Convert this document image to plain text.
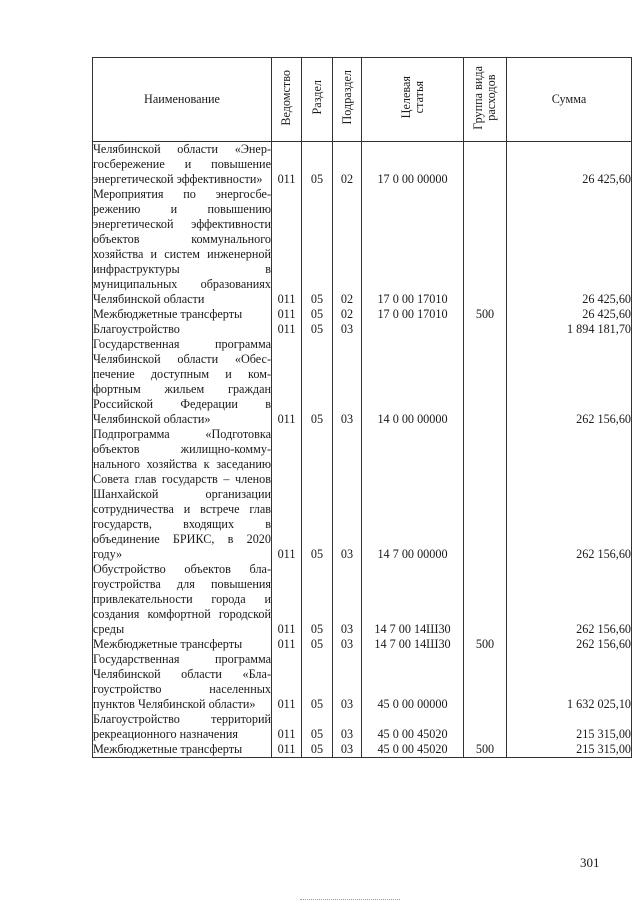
Наименование	Ведомство	Раздел	Подраздел	Целевая
статья	Группа вида
расходов	Сумма

Челябинской области «Энергосбережение и повышение энергетической эффективности»	011	05	02	17 0 00 00000		26 425,60
Мероприятия по энергосбережению и повышению энергетической эффективности объектов коммунального хозяйства и систем инженерной инфраструктуры в муниципальных образованиях Челябинской области	011	05	02	17 0 00 17010		26 425,60
Межбюджетные трансферты	011	05	02	17 0 00 17010	500	26 425,60
Благоустройство	011	05	03			1 894 181,70
Государственная программа Челябинской области «Обеспечение доступным и комфортным жильем граждан Российской Федерации в Челябинской области»	011	05	03	14 0 00 00000		262 156,60
Подпрограмма «Подготовка объектов жилищно-коммунального хозяйства к заседанию Совета глав государств – членов Шанхайской организации сотрудничества и встрече глав государств, входящих в объединение БРИКС, в 2020 году»	011	05	03	14 7 00 00000		262 156,60
Обустройство объектов благоустройства для повышения привлекательности города и создания комфортной городской среды	011	05	03	14 7 00 14Ш30		262 156,60
Межбюджетные трансферты	011	05	03	14 7 00 14Ш30	500	262 156,60
Государственная программа Челябинской области «Благоустройство населенных пунктов Челябинской области»	011	05	03	45 0 00 00000		1 632 025,10
Благоустройство территорий рекреационного назначения	011	05	03	45 0 00 45020		215 315,00
Межбюджетные трансферты	011	05	03	45 0 00 45020	500	215 315,00
301
